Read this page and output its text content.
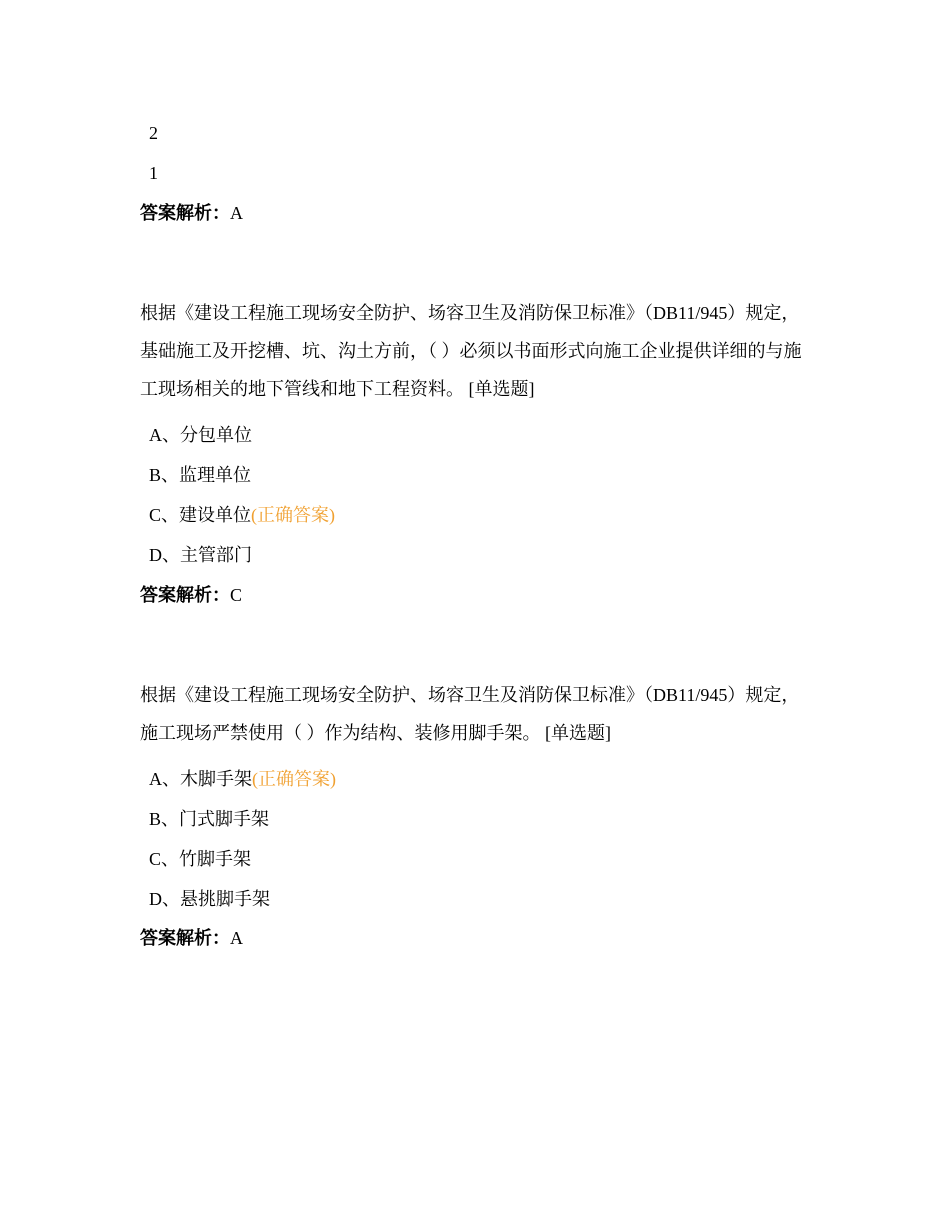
2
1
答案解析：A
根据《建设工程施工现场安全防护、场容卫生及消防保卫标准》（DB11/945）规定，基础施工及开挖槽、坑、沟土方前，（ ）必须以书面形式向施工企业提供详细的与施工现场相关的地下管线和地下工程资料。 [单选题]
A、分包单位
B、监理单位
C、建设单位(正确答案)
D、主管部门
答案解析：C
根据《建设工程施工现场安全防护、场容卫生及消防保卫标准》（DB11/945）规定，施工现场严禁使用（ ）作为结构、装修用脚手架。 [单选题]
A、木脚手架(正确答案)
B、门式脚手架
C、竹脚手架
D、悬挑脚手架
答案解析：A
